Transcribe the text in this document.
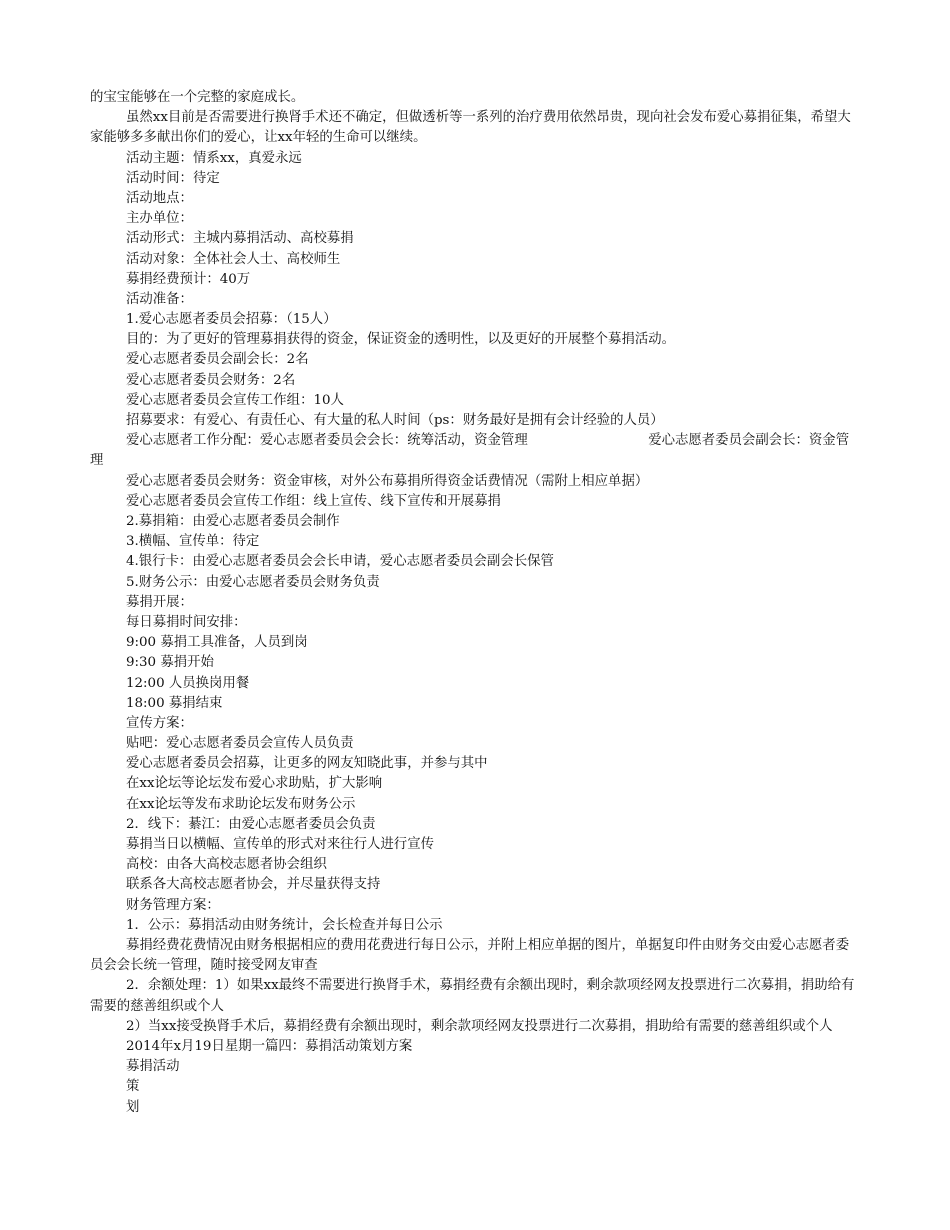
的宝宝能够在一个完整的家庭成长。
虽然xx目前是否需要进行换肾手术还不确定，但做透析等一系列的治疗费用依然昂贵，现向社会发布爱心募捐征集，希望大家能够多多献出你们的爱心，让xx年轻的生命可以继续。
活动主题：情系xx，真爱永远
活动时间：待定
活动地点：
主办单位：
活动形式：主城内募捐活动、高校募捐
活动对象：全体社会人士、高校师生
募捐经费预计：40万
活动准备：
1.爱心志愿者委员会招募：（15人）
目的：为了更好的管理募捐获得的资金，保证资金的透明性，以及更好的开展整个募捐活动。
爱心志愿者委员会副会长：2名
爱心志愿者委员会财务：2名
爱心志愿者委员会宣传工作组：10人
招募要求：有爱心、有责任心、有大量的私人时间（ps：财务最好是拥有会计经验的人员）
爱心志愿者工作分配：爱心志愿者委员会会长：统筹活动，资金管理　　　　　　　　　爱心志愿者委员会副会长：资金管理
爱心志愿者委员会财务：资金审核，对外公布募捐所得资金话费情况（需附上相应单据）
爱心志愿者委员会宣传工作组：线上宣传、线下宣传和开展募捐
2.募捐箱：由爱心志愿者委员会制作
3.横幅、宣传单：待定
4.银行卡：由爱心志愿者委员会会长申请，爱心志愿者委员会副会长保管
5.财务公示：由爱心志愿者委员会财务负责
募捐开展：
每日募捐时间安排：
9:00 募捐工具准备，人员到岗
9:30 募捐开始
12:00 人员换岗用餐
18:00 募捐结束
宣传方案：
贴吧：爱心志愿者委员会宣传人员负责
爱心志愿者委员会招募，让更多的网友知晓此事，并参与其中
在xx论坛等论坛发布爱心求助贴，扩大影响
在xx论坛等发布求助论坛发布财务公示
2．线下：綦江：由爱心志愿者委员会负责
募捐当日以横幅、宣传单的形式对来往行人进行宣传
高校：由各大高校志愿者协会组织
联系各大高校志愿者协会，并尽量获得支持
财务管理方案：
1．公示：募捐活动由财务统计，会长检查并每日公示
募捐经费花费情况由财务根据相应的费用花费进行每日公示，并附上相应单据的图片，单据复印件由财务交由爱心志愿者委员会会长统一管理，随时接受网友审查
2．余额处理：1）如果xx最终不需要进行换肾手术，募捐经费有余额出现时，剩余款项经网友投票进行二次募捐，捐助给有需要的慈善组织或个人
2）当xx接受换肾手术后，募捐经费有余额出现时，剩余款项经网友投票进行二次募捐，捐助给有需要的慈善组织或个人
2014年x月19日星期一篇四：募捐活动策划方案
募捐活动
策
划
